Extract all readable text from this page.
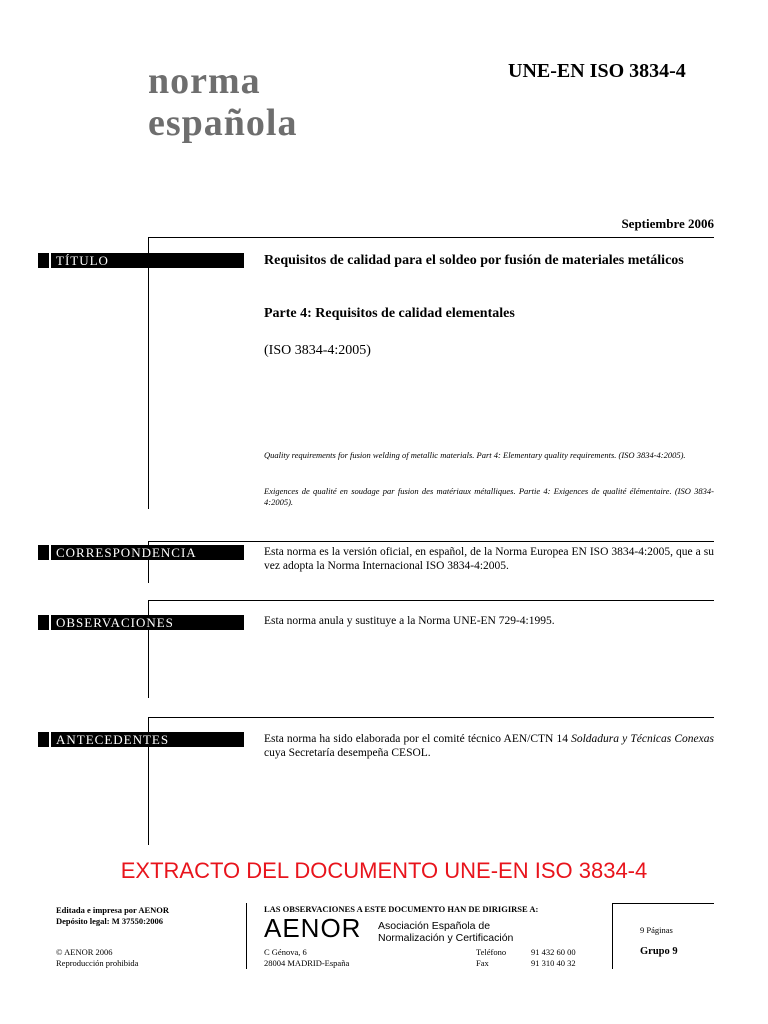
norma
española
UNE-EN ISO 3834-4
Septiembre 2006
TÍTULO
CORRESPONDENCIA
OBSERVACIONES
ANTECEDENTES
Requisitos de calidad para el soldeo por fusión de materiales metálicos
Parte 4: Requisitos de calidad elementales
(ISO 3834-4:2005)
Quality requirements for fusion welding of metallic materials. Part 4: Elementary quality requirements. (ISO 3834-4:2005).
Exigences de qualité en soudage par fusion des matériaux métalliques. Partie 4: Exigences de qualité élémentaire. (ISO 3834-4:2005).
Esta norma es la versión oficial, en español, de la Norma Europea EN ISO 3834-4:2005, que a su vez adopta la Norma Internacional ISO 3834-4:2005.
Esta norma anula y sustituye a la Norma UNE-EN 729-4:1995.
Esta norma ha sido elaborada por el comité técnico AEN/CTN 14 Soldadura y Técnicas Conexas cuya Secretaría desempeña CESOL.
EXTRACTO DEL DOCUMENTO UNE-EN ISO 3834-4
Editada e impresa por AENOR
Depósito legal: M 37550:2006
© AENOR 2006
Reproducción prohibida
LAS OBSERVACIONES A ESTE DOCUMENTO HAN DE DIRIGIRSE A:
AENOR Asociación Española de
Normalización y Certificación
C Génova, 6
28004 MADRID-España
Teléfono	91 432 60 00
Fax	91 310 40 32
9 Páginas
Grupo 9
